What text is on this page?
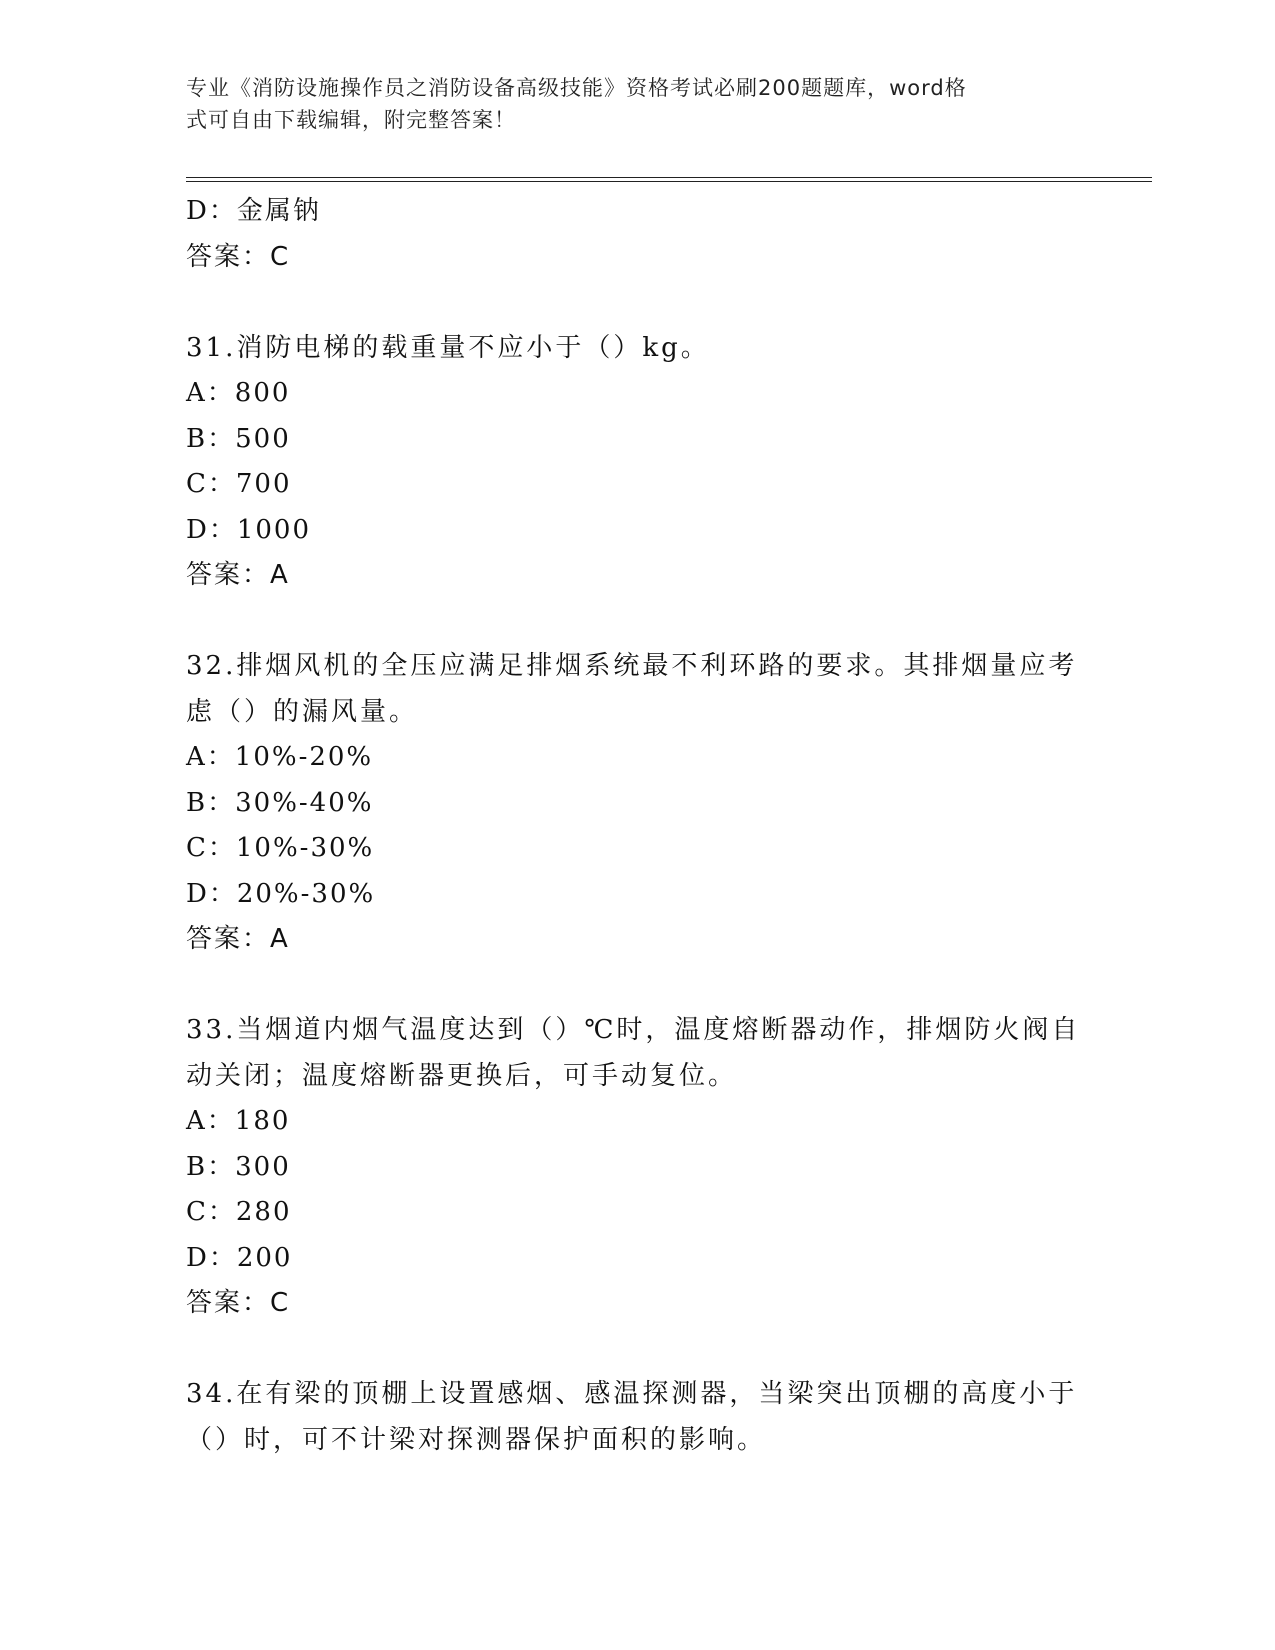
专业《消防设施操作员之消防设备高级技能》资格考试必刷200题题库，word格
式可自由下载编辑，附完整答案！
D：金属钠
答案：C
31.消防电梯的载重量不应小于（）kg。
A：800
B：500
C：700
D：1000
答案：A
32.排烟风机的全压应满足排烟系统最不利环路的要求。其排烟量应考
虑（）的漏风量。
A：10%-20%
B：30%-40%
C：10%-30%
D：20%-30%
答案：A
33.当烟道内烟气温度达到（）℃时，温度熔断器动作，排烟防火阀自
动关闭；温度熔断器更换后，可手动复位。
A：180
B：300
C：280
D：200
答案：C
34.在有梁的顶棚上设置感烟、感温探测器，当梁突出顶棚的高度小于
（）时，可不计梁对探测器保护面积的影响。
